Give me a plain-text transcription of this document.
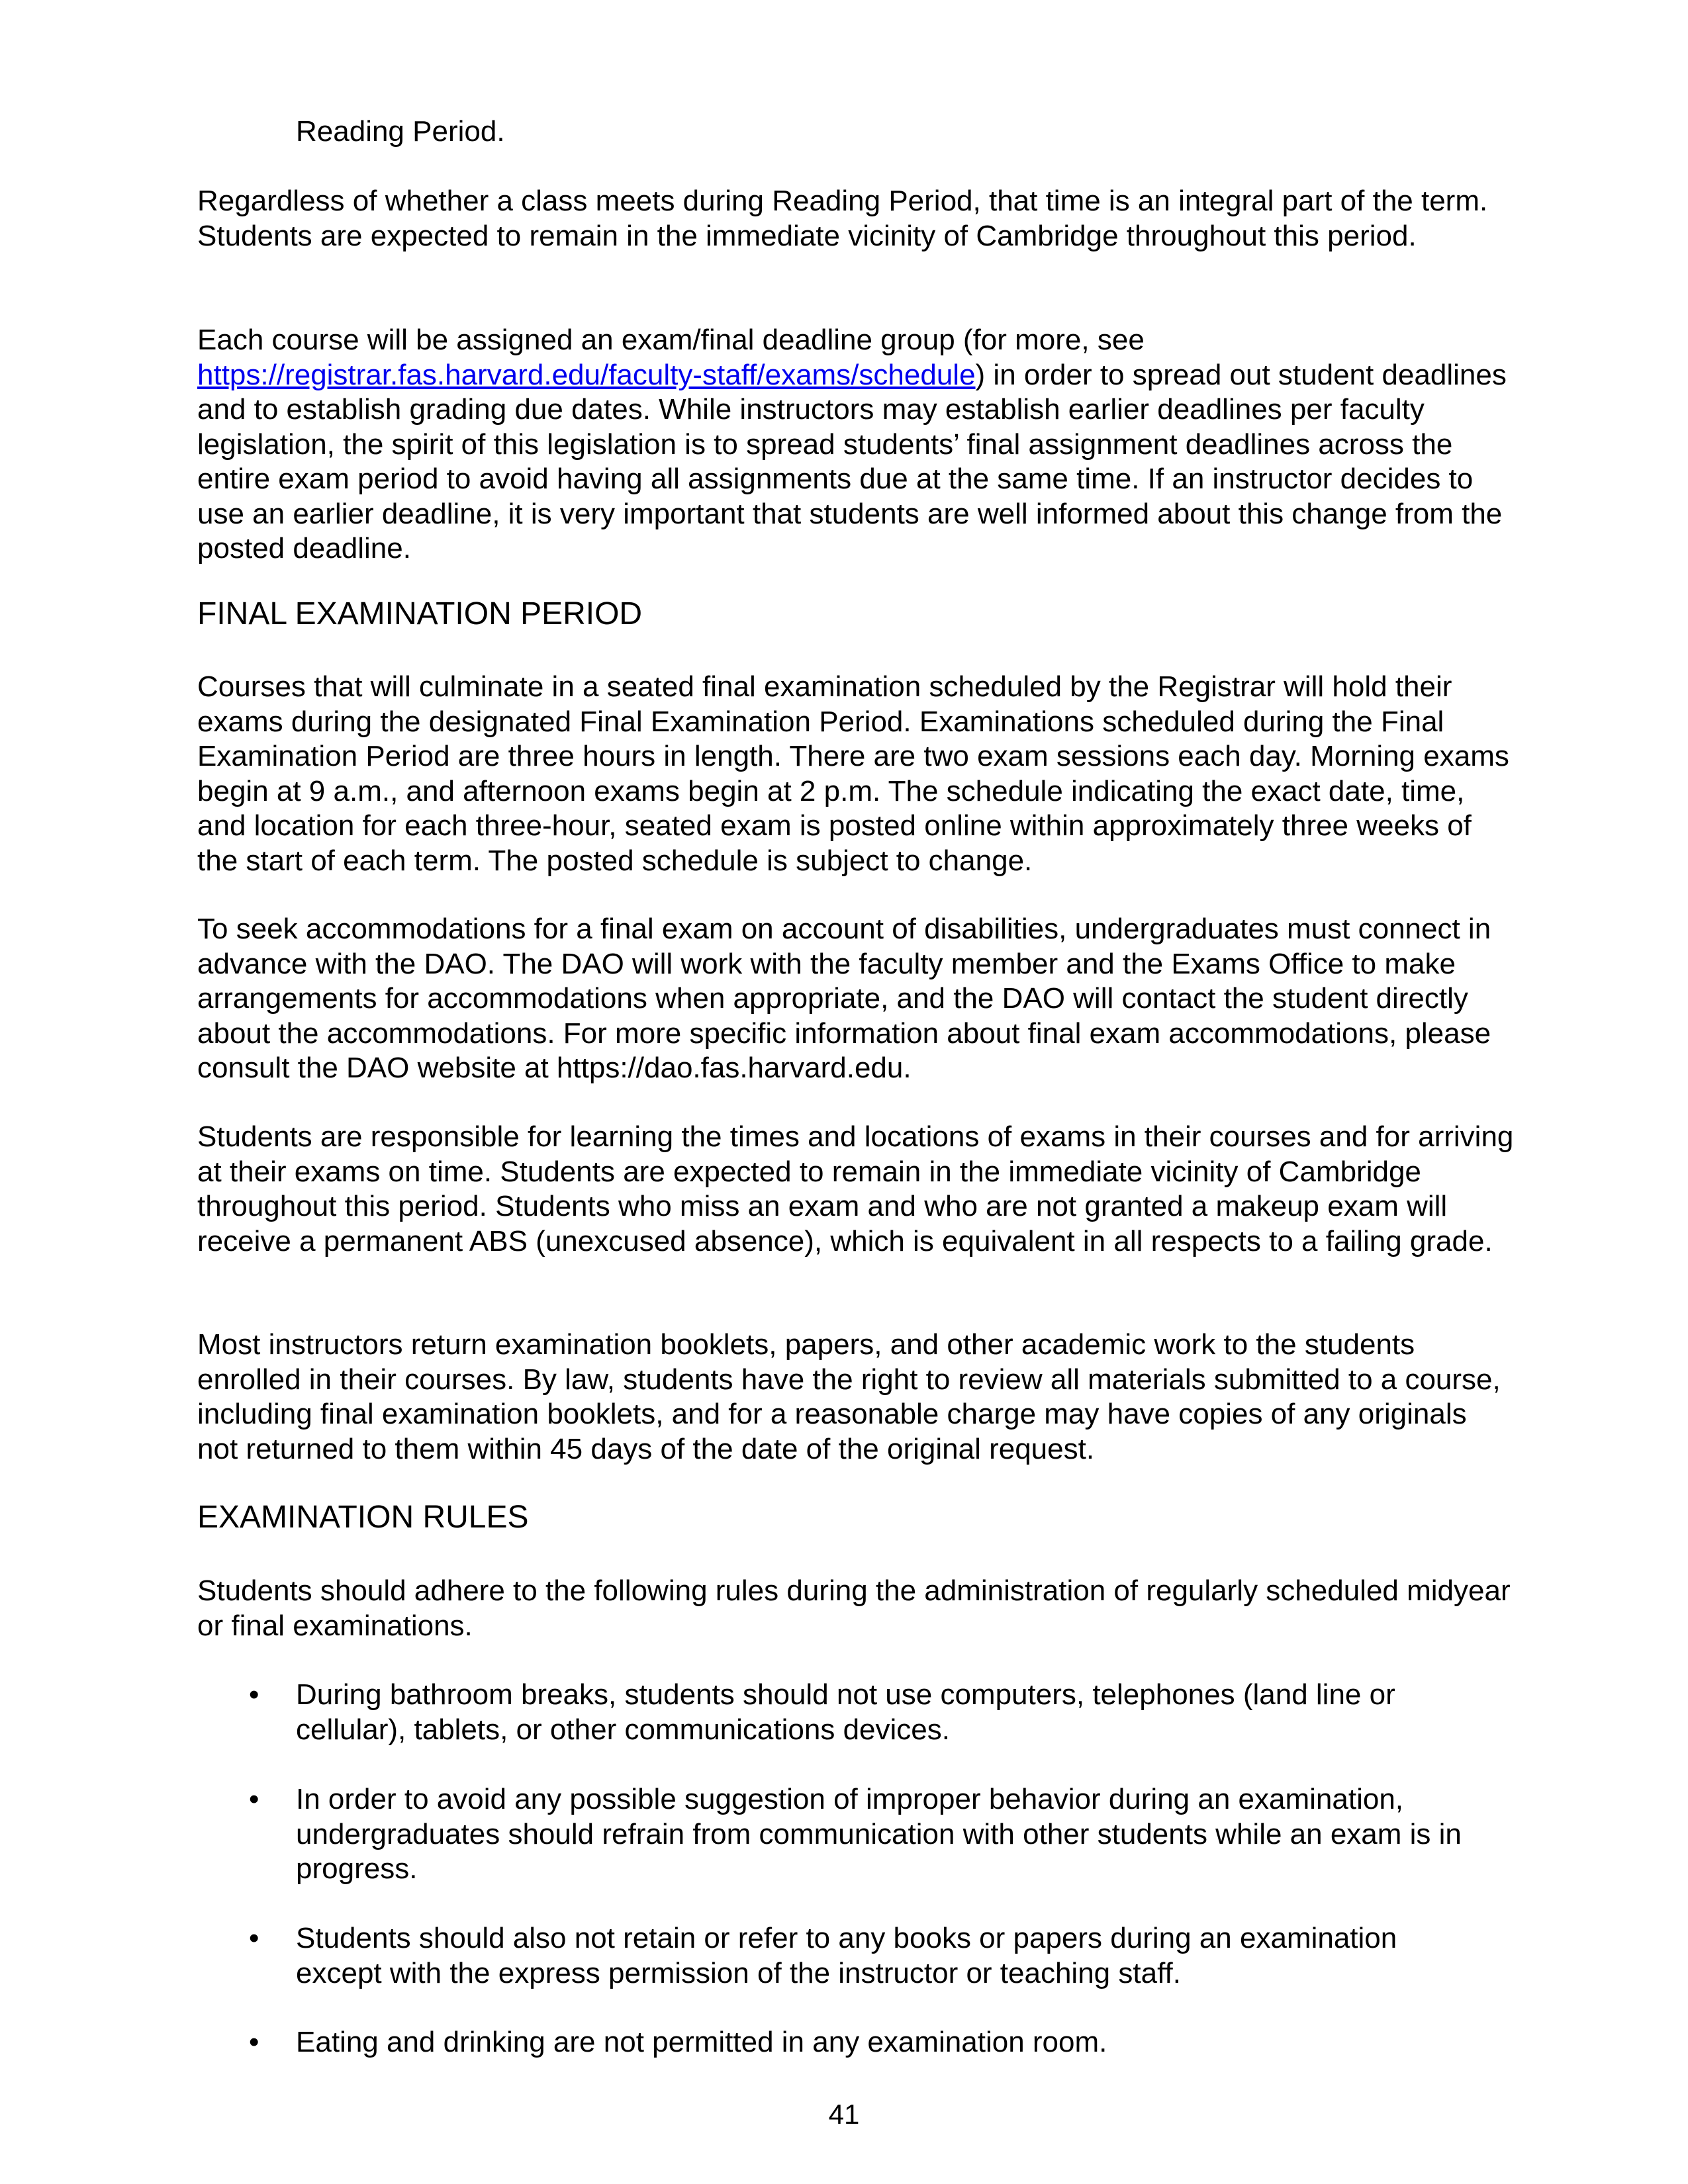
Reading Period.

Regardless of whether a class meets during Reading Period, that time is an integral part of the term. Students are expected to remain in the immediate vicinity of Cambridge throughout this period.

Each course will be assigned an exam/final deadline group (for more, see https://registrar.fas.harvard.edu/faculty-staff/exams/schedule) in order to spread out student deadlines and to establish grading due dates. While instructors may establish earlier deadlines per faculty legislation, the spirit of this legislation is to spread students’ final assignment deadlines across the entire exam period to avoid having all assignments due at the same time. If an instructor decides to use an earlier deadline, it is very important that students are well informed about this change from the posted deadline.

FINAL EXAMINATION PERIOD

Courses that will culminate in a seated final examination scheduled by the Registrar will hold their exams during the designated Final Examination Period. Examinations scheduled during the Final Examination Period are three hours in length. There are two exam sessions each day. Morning exams begin at 9 a.m., and afternoon exams begin at 2 p.m. The schedule indicating the exact date, time, and location for each three-hour, seated exam is posted online within approximately three weeks of the start of each term. The posted schedule is subject to change.

To seek accommodations for a final exam on account of disabilities, undergraduates must connect in advance with the DAO. The DAO will work with the faculty member and the Exams Office to make arrangements for accommodations when appropriate, and the DAO will contact the student directly about the accommodations. For more specific information about final exam accommodations, please consult the DAO website at https://dao.fas.harvard.edu.

Students are responsible for learning the times and locations of exams in their courses and for arriving at their exams on time. Students are expected to remain in the immediate vicinity of Cambridge throughout this period. Students who miss an exam and who are not granted a makeup exam will receive a permanent ABS (unexcused absence), which is equivalent in all respects to a failing grade.

Most instructors return examination booklets, papers, and other academic work to the students enrolled in their courses. By law, students have the right to review all materials submitted to a course, including final examination booklets, and for a reasonable charge may have copies of any originals not returned to them within 45 days of the date of the original request.

EXAMINATION RULES

Students should adhere to the following rules during the administration of regularly scheduled midyear or final examinations.

• During bathroom breaks, students should not use computers, telephones (land line or cellular), tablets, or other communications devices.

• In order to avoid any possible suggestion of improper behavior during an examination, undergraduates should refrain from communication with other students while an exam is in progress.

• Students should also not retain or refer to any books or papers during an examination except with the express permission of the instructor or teaching staff.

• Eating and drinking are not permitted in any examination room.

41
